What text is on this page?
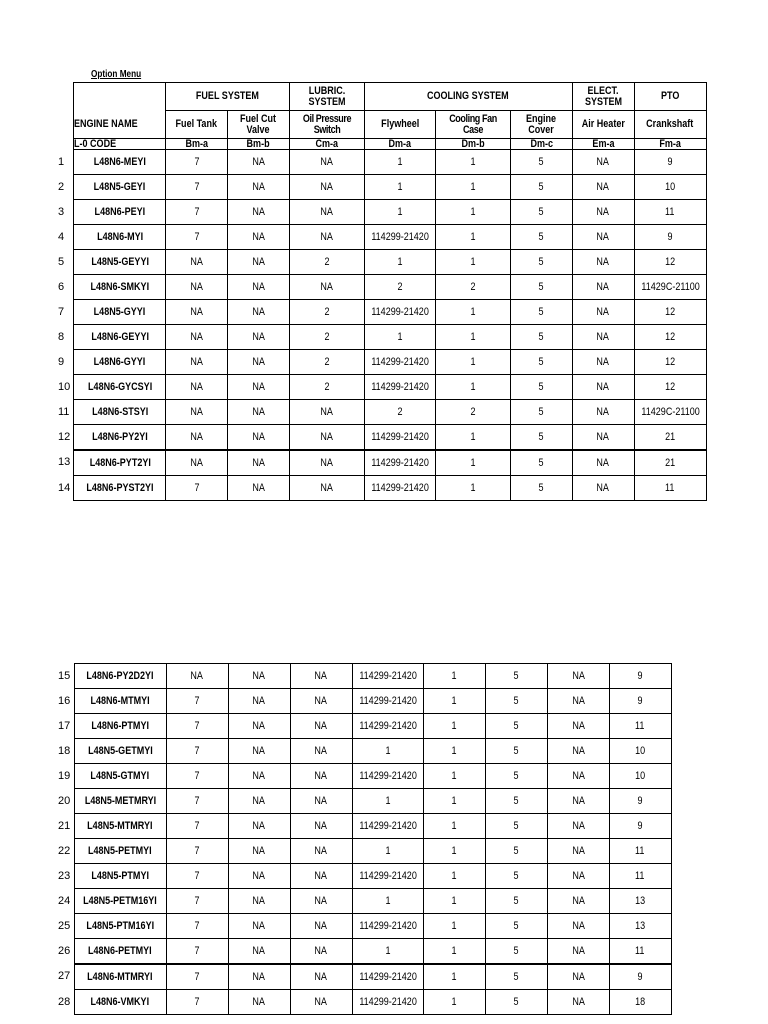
Option Menu
		FUEL SYSTEM		LUBRIC. SYSTEM	COOLING SYSTEM			ELECT. SYSTEM	PTO
	ENGINE NAME	Fuel Tank	Fuel Cut Valve	Oil Pressure Switch	Flywheel	Cooling Fan Case	Engine Cover	Air Heater	Crankshaft
	L-0 CODE	Bm-a	Bm-b	Cm-a	Dm-a	Dm-b	Dm-c	Em-a	Fm-a
1	L48N6-MEYI	7	NA	NA	1	1	5	NA	9
2	L48N5-GEYI	7	NA	NA	1	1	5	NA	10
3	L48N6-PEYI	7	NA	NA	1	1	5	NA	11
4	L48N6-MYI	7	NA	NA	114299-21420	1	5	NA	9
5	L48N5-GEYYI	NA	NA	2	1	1	5	NA	12
6	L48N6-SMKYI	NA	NA	NA	2	2	5	NA	11429C-21100
7	L48N5-GYYI	NA	NA	2	114299-21420	1	5	NA	12
8	L48N6-GEYYI	NA	NA	2	1	1	5	NA	12
9	L48N6-GYYI	NA	NA	2	114299-21420	1	5	NA	12
10	L48N6-GYCSYI	NA	NA	2	114299-21420	1	5	NA	12
11	L48N6-STSYI	NA	NA	NA	2	2	5	NA	11429C-21100
12	L48N6-PY2YI	NA	NA	NA	114299-21420	1	5	NA	21
13	L48N6-PYT2YI	NA	NA	NA	114299-21420	1	5	NA	21
14	L48N6-PYST2YI	7	NA	NA	114299-21420	1	5	NA	11
15	L48N6-PY2D2YI	NA	NA	NA	114299-21420	1	5	NA	9
16	L48N6-MTMYI	7	NA	NA	114299-21420	1	5	NA	9
17	L48N6-PTMYI	7	NA	NA	114299-21420	1	5	NA	11
18	L48N5-GETMYI	7	NA	NA	1	1	5	NA	10
19	L48N5-GTMYI	7	NA	NA	114299-21420	1	5	NA	10
20	L48N5-METMRYI	7	NA	NA	1	1	5	NA	9
21	L48N5-MTMRYI	7	NA	NA	114299-21420	1	5	NA	9
22	L48N5-PETMYI	7	NA	NA	1	1	5	NA	11
23	L48N5-PTMYI	7	NA	NA	114299-21420	1	5	NA	11
24	L48N5-PETM16YI	7	NA	NA	1	1	5	NA	13
25	L48N5-PTM16YI	7	NA	NA	114299-21420	1	5	NA	13
26	L48N6-PETMYI	7	NA	NA	1	1	5	NA	11
27	L48N6-MTMRYI	7	NA	NA	114299-21420	1	5	NA	9
28	L48N6-VMKYI	7	NA	NA	114299-21420	1	5	NA	18
